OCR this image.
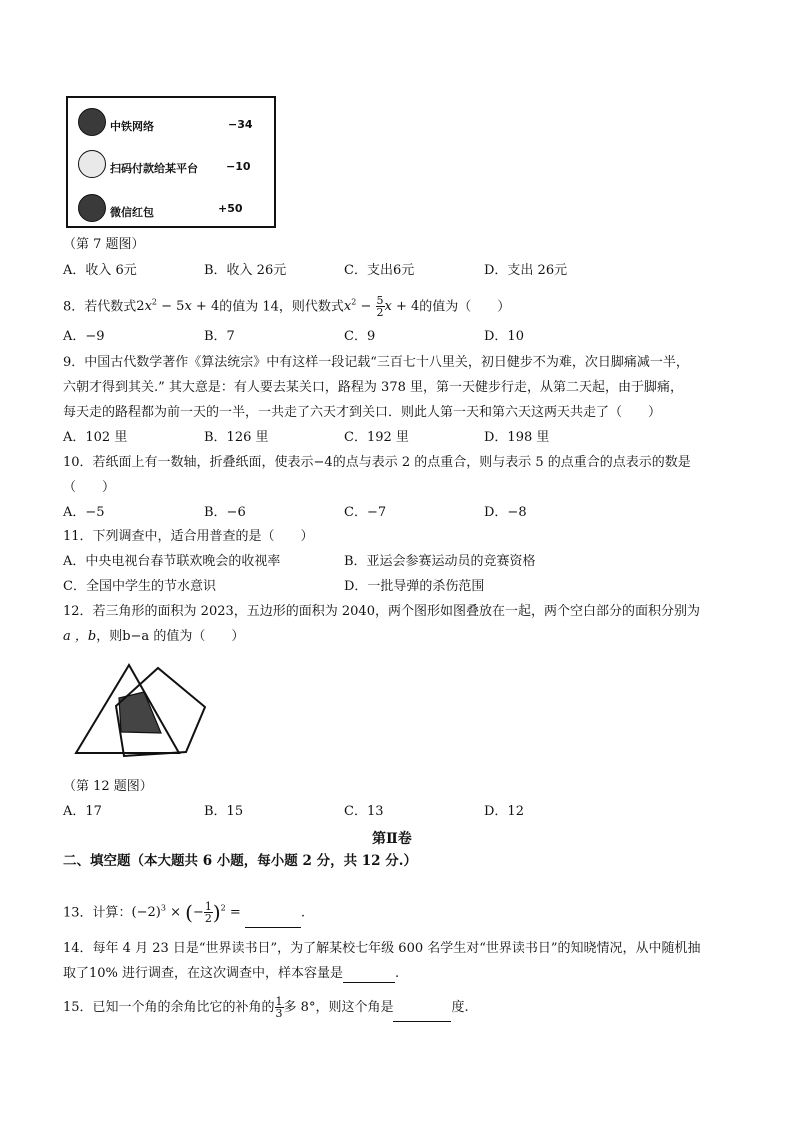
中铁网络	−34
扫码付款给某平台	−10
微信红包	+50
（第 7 题图）
A．收入 6元	B．收入 26元	C．支出6元	D．支出 26元
8．若代数式$2x^2 - 5x + 4$的值为 14，则代数式$x^2 - \frac{5}{2}$ x + 4的值为（　　）
A．−9	B．7	C．9	D．10
9．中国古代数学著作《算法统宗》中有这样一段记载“三百七十八里关，初日健步不为难，次日脚痛减一半，
六朝才得到其关.” 其大意是：有人要去某关口，路程为 378 里，第一天健步行走，从第二天起，由于脚痛，
每天走的路程都为前一天的一半，一共走了六天才到关口．则此人第一天和第六天这两天共走了（　　）
A．102 里	B．126 里	C．192 里	D．198 里
10．若纸面上有一数轴，折叠纸面，使表示−4的点与表示 2 的点重合，则与表示 5 的点重合的点表示的数是
（　　）
A．−5	B．−6	C．−7	D．−8
11．下列调查中，适合用普查的是（　　）
A．中央电视台春节联欢晚会的收视率	B．亚运会参赛运动员的竞赛资格
C．全国中学生的节水意识	D．一批导弹的杀伤范围
12．若三角形的面积为 2023，五边形的面积为 2040，两个图形如图叠放在一起，两个空白部分的面积分别为
a ，b，则b−a 的值为（　　）
（第 12 题图）
A．17	B．15	C．13	D．12
第Ⅱ卷
二、填空题（本大题共 6 小题，每小题 2 分，共 12 分.）
13．计算：$(-2)^3$ × (− $\frac{1}{2} )^2$ =	.
14．每年 4 月 23 日是“世界读书日”，为了解某校七年级 600 名学生对“世界读书日”的知晓情况，从中随机抽
取了10% 进行调查，在这次调查中，样本容量是	.
15．已知一个角的余角比它的补角的 $\frac{1}{3}$ 多 8°，则这个角是	度.
